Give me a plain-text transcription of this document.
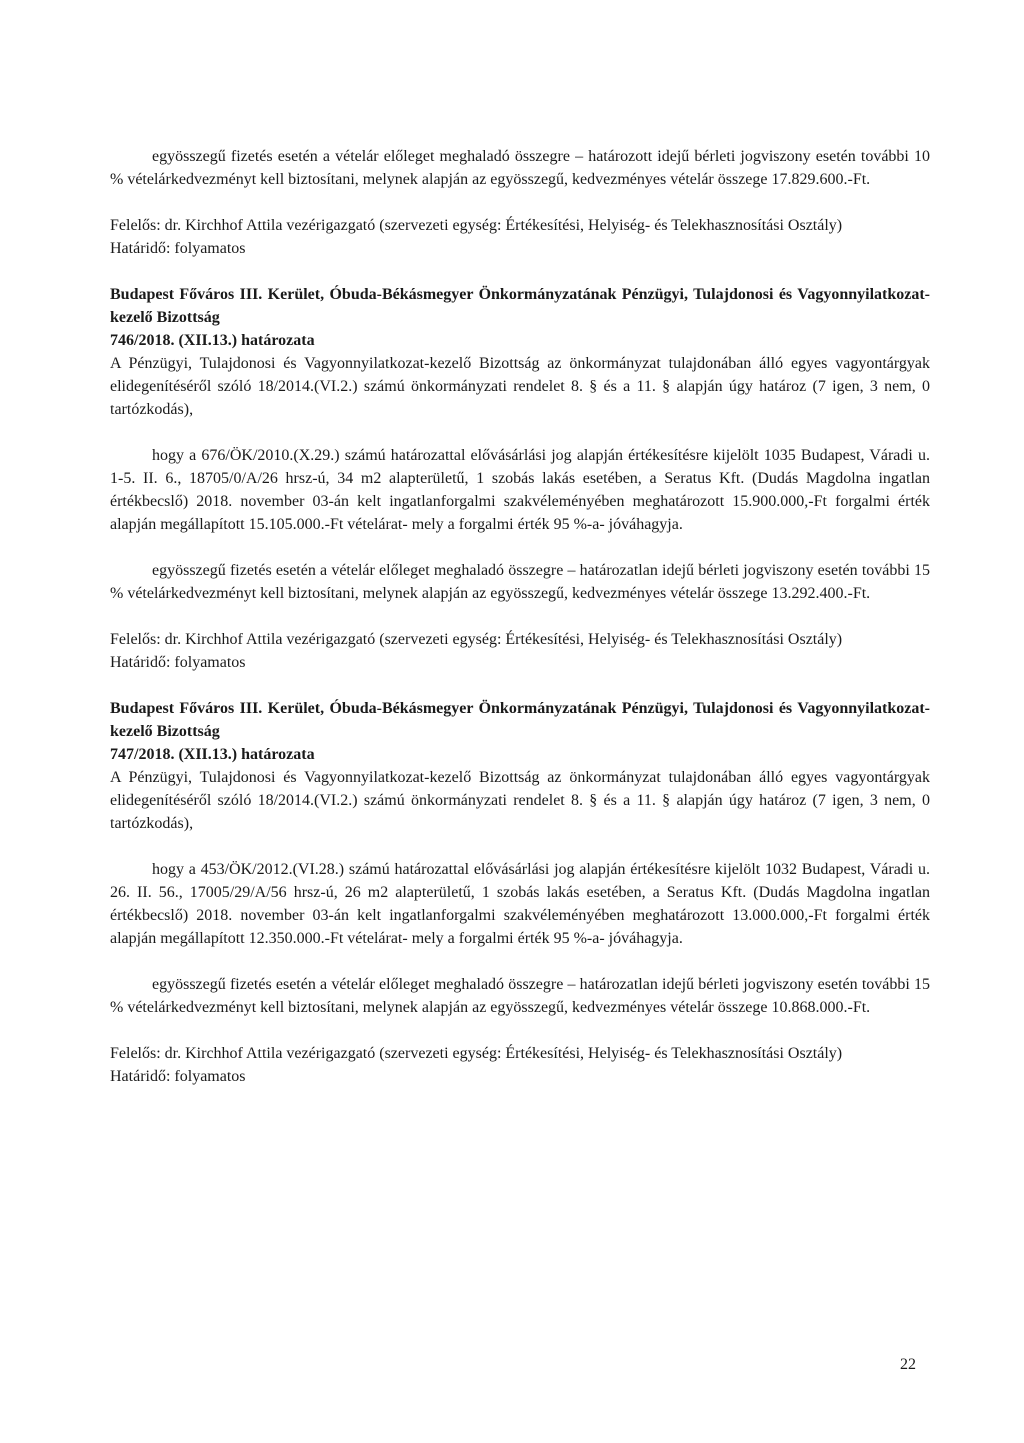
egyösszegű fizetés esetén a vételár előleget meghaladó összegre – határozott idejű bérleti jogviszony esetén további 10 % vételárkedvezményt kell biztosítani, melynek alapján az egyösszegű, kedvezményes vételár összege 17.829.600.-Ft.

Felelős: dr. Kirchhof Attila vezérigazgató (szervezeti egység: Értékesítési, Helyiség- és Telekhasznosítási Osztály)

Határidő: folyamatos

Budapest Főváros III. Kerület, Óbuda-Békásmegyer Önkormányzatának Pénzügyi, Tulajdonosi és Vagyonnyilatkozat-kezelő Bizottság

746/2018. (XII.13.) határozata

A Pénzügyi, Tulajdonosi és Vagyonnyilatkozat-kezelő Bizottság az önkormányzat tulajdonában álló egyes vagyontárgyak elidegenítéséről szóló 18/2014.(VI.2.) számú önkormányzati rendelet 8. § és a 11. § alapján úgy határoz (7 igen, 3 nem, 0 tartózkodás),

hogy a 676/ÖK/2010.(X.29.) számú határozattal elővásárlási jog alapján értékesítésre kijelölt 1035 Budapest, Váradi u. 1-5. II. 6., 18705/0/A/26 hrsz-ú, 34 m2 alapterületű, 1 szobás lakás esetében, a Seratus Kft. (Dudás Magdolna ingatlan értékbecslő) 2018. november 03-án kelt ingatlanforgalmi szakvéleményében meghatározott 15.900.000,-Ft forgalmi érték alapján megállapított 15.105.000.-Ft vételárat- mely a forgalmi érték 95 %-a- jóváhagyja.

egyösszegű fizetés esetén a vételár előleget meghaladó összegre – határozatlan idejű bérleti jogviszony esetén további 15 % vételárkedvezményt kell biztosítani, melynek alapján az egyösszegű, kedvezményes vételár összege 13.292.400.-Ft.

Felelős: dr. Kirchhof Attila vezérigazgató (szervezeti egység: Értékesítési, Helyiség- és Telekhasznosítási Osztály)

Határidő: folyamatos

Budapest Főváros III. Kerület, Óbuda-Békásmegyer Önkormányzatának Pénzügyi, Tulajdonosi és Vagyonnyilatkozat-kezelő Bizottság

747/2018. (XII.13.) határozata

A Pénzügyi, Tulajdonosi és Vagyonnyilatkozat-kezelő Bizottság az önkormányzat tulajdonában álló egyes vagyontárgyak elidegenítéséről szóló 18/2014.(VI.2.) számú önkormányzati rendelet 8. § és a 11. § alapján úgy határoz (7 igen, 3 nem, 0 tartózkodás),

hogy a 453/ÖK/2012.(VI.28.) számú határozattal elővásárlási jog alapján értékesítésre kijelölt 1032 Budapest, Váradi u. 26. II. 56., 17005/29/A/56 hrsz-ú, 26 m2 alapterületű, 1 szobás lakás esetében, a Seratus Kft. (Dudás Magdolna ingatlan értékbecslő) 2018. november 03-án kelt ingatlanforgalmi szakvéleményében meghatározott 13.000.000,-Ft forgalmi érték alapján megállapított 12.350.000.-Ft vételárat- mely a forgalmi érték 95 %-a- jóváhagyja.

egyösszegű fizetés esetén a vételár előleget meghaladó összegre – határozatlan idejű bérleti jogviszony esetén további 15 % vételárkedvezményt kell biztosítani, melynek alapján az egyösszegű, kedvezményes vételár összege 10.868.000.-Ft.

Felelős: dr. Kirchhof Attila vezérigazgató (szervezeti egység: Értékesítési, Helyiség- és Telekhasznosítási Osztály)

Határidő: folyamatos

22
